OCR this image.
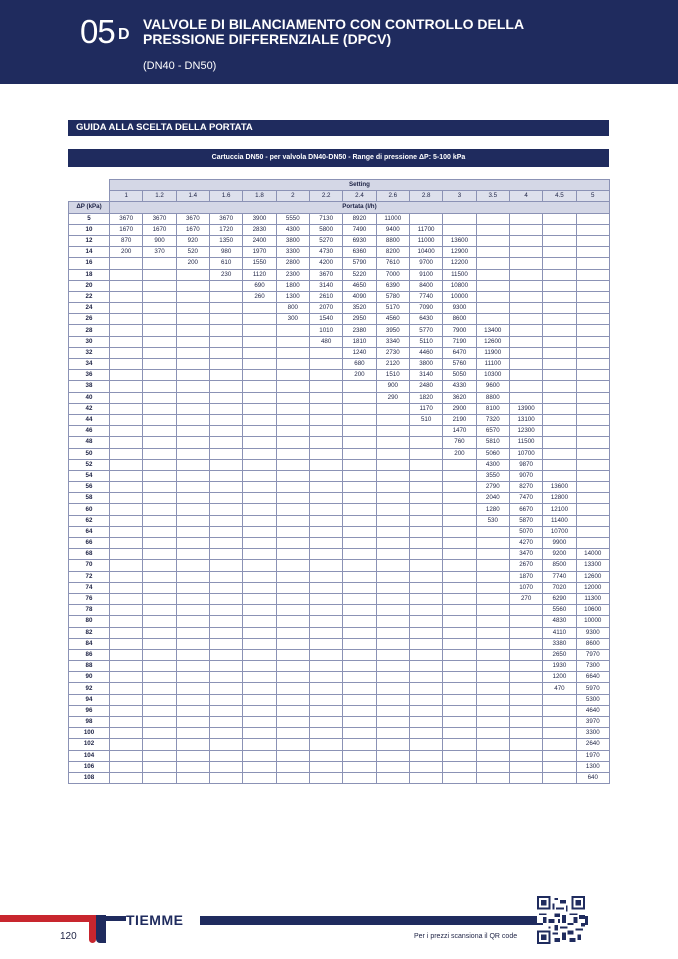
05 D
VALVOLE DI BILANCIAMENTO CON CONTROLLO DELLA
PRESSIONE DIFFERENZIALE (DPCV)
(DN40 - DN50)
GUIDA ALLA SCELTA DELLA PORTATA
Cartuccia DN50 - per valvola DN40-DN50 - Range di pressione ΔP: 5-100 kPa
	Setting														
	1	1.2	1.4	1.6	1.8	2	2.2	2.4	2.6	2.8	3	3.5	4	4.5	5
ΔP (kPa)	Portata (l/h)														
5	3670	3670	3670	3670	3900	5550	7130	8920	11000						
10	1670	1670	1670	1720	2830	4300	5800	7490	9400	11700					
12	870	900	920	1350	2400	3800	5270	6930	8800	11000	13600				
14	200	370	520	980	1970	3300	4730	6360	8200	10400	12900				
16			200	610	1550	2800	4200	5790	7610	9700	12200				
18				230	1120	2300	3670	5220	7000	9100	11500				
20					690	1800	3140	4650	6390	8400	10800				
22					260	1300	2610	4090	5780	7740	10000				
24						800	2070	3520	5170	7090	9300				
26						300	1540	2950	4560	6430	8600				
28							1010	2380	3950	5770	7900	13400			
30							480	1810	3340	5110	7190	12600			
32								1240	2730	4460	6470	11900			
34								680	2120	3800	5760	11100			
36								200	1510	3140	5050	10300			
38									900	2480	4330	9600			
40									290	1820	3620	8800			
42										1170	2900	8100	13900		
44										510	2190	7320	13100		
46											1470	6570	12300		
48											760	5810	11500		
50											200	5060	10700		
52												4300	9870		
54												3550	9070		
56												2790	8270	13600	
58												2040	7470	12800	
60												1280	6670	12100	
62												530	5870	11400	
64													5070	10700	
66													4270	9900	
68													3470	9200	14000
70													2670	8500	13300
72													1870	7740	12600
74													1070	7020	12000
76													270	6290	11300
78														5560	10600
80														4830	10000
82														4110	9300
84														3380	8600
86														2650	7970
88														1930	7300
90														1200	6640
92														470	5970
94															5300
96															4640
98															3970
100															3300
102															2640
104															1970
106															1300
108															640
TIEMME
120	Per i prezzi scansiona il QR code
